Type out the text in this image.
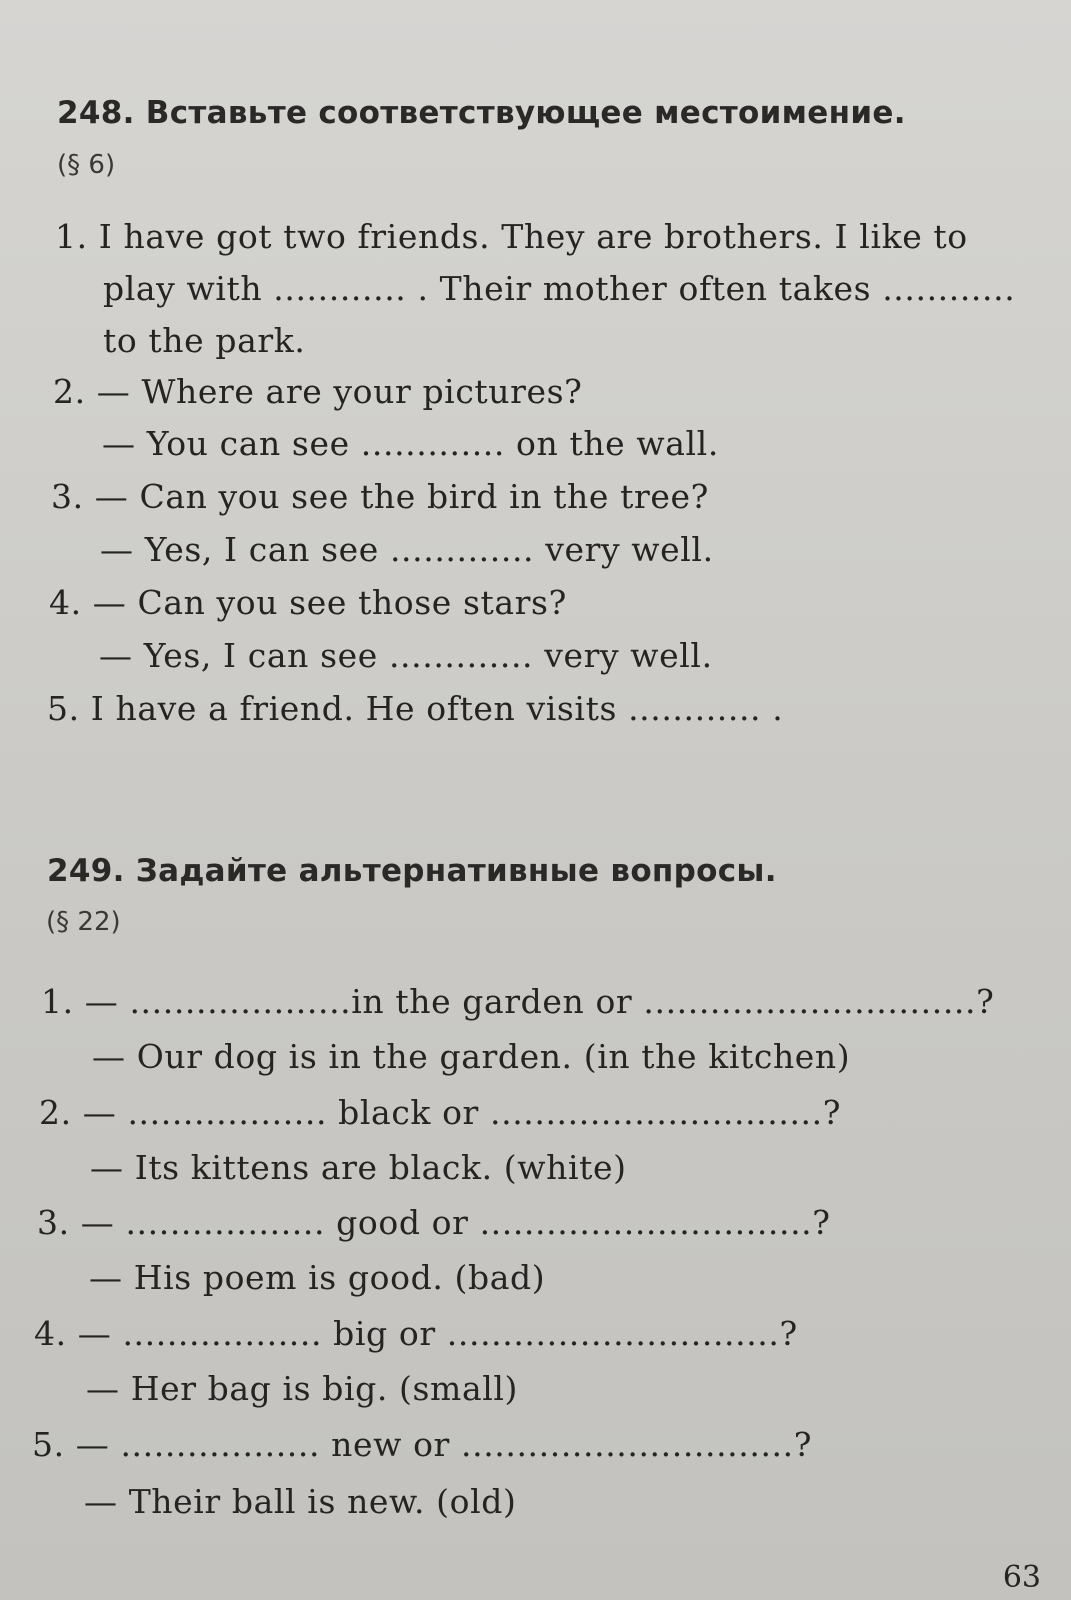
248. Вставьте соответствующее местоимение.
(§ 6)
1. I have got two friends. They are brothers. I like to
play with ............ . Their mother often takes ............
to the park.
2. — Where are your pictures?
— You can see ............. on the wall.
3. — Can you see the bird in the tree?
— Yes, I can see ............. very well.
4. — Can you see those stars?
— Yes, I can see ............. very well.
5. I have a friend. He often visits ............ .
249. Задайте альтернативные вопросы.
(§ 22)
1. — ....................in the garden or ..............................?
— Our dog is in the garden. (in the kitchen)
2. — .................. black or ..............................?
— Its kittens are black. (white)
3. — .................. good or ..............................?
— His poem is good. (bad)
4. — .................. big or ..............................?
— Her bag is big. (small)
5. — .................. new or ..............................?
— Their ball is new. (old)
63
